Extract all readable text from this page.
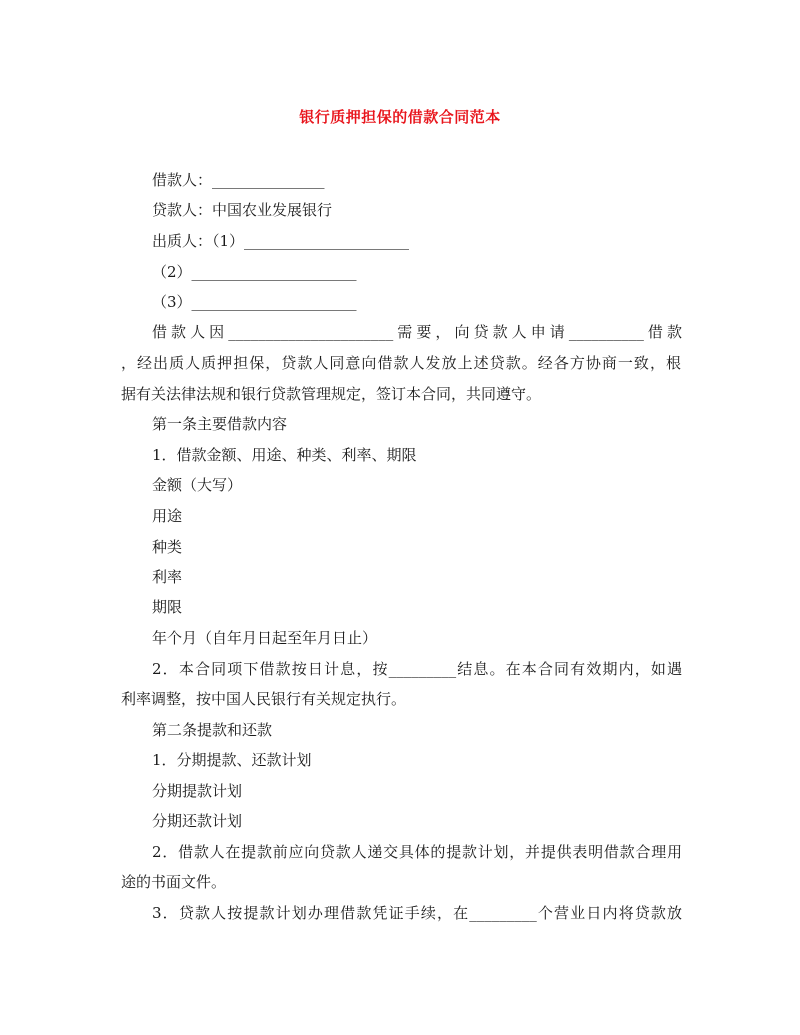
银行质押担保的借款合同范本
借款人：_______________
贷款人：中国农业发展银行
出质人：（1）______________________
（2）______________________
（3）______________________
借款人因______________________需要，向贷款人申请__________借款
，经出质人质押担保，贷款人同意向借款人发放上述贷款。经各方协商一致，根
据有关法律法规和银行贷款管理规定，签订本合同，共同遵守。
第一条主要借款内容
1．借款金额、用途、种类、利率、期限
金额（大写）
用途
种类
利率
期限
年个月（自年月日起至年月日止）
2．本合同项下借款按日计息，按_________结息。在本合同有效期内，如遇
利率调整，按中国人民银行有关规定执行。
第二条提款和还款
1．分期提款、还款计划
分期提款计划
分期还款计划
2．借款人在提款前应向贷款人递交具体的提款计划，并提供表明借款合理用
途的书面文件。
3．贷款人按提款计划办理借款凭证手续，在_________个营业日内将贷款放
